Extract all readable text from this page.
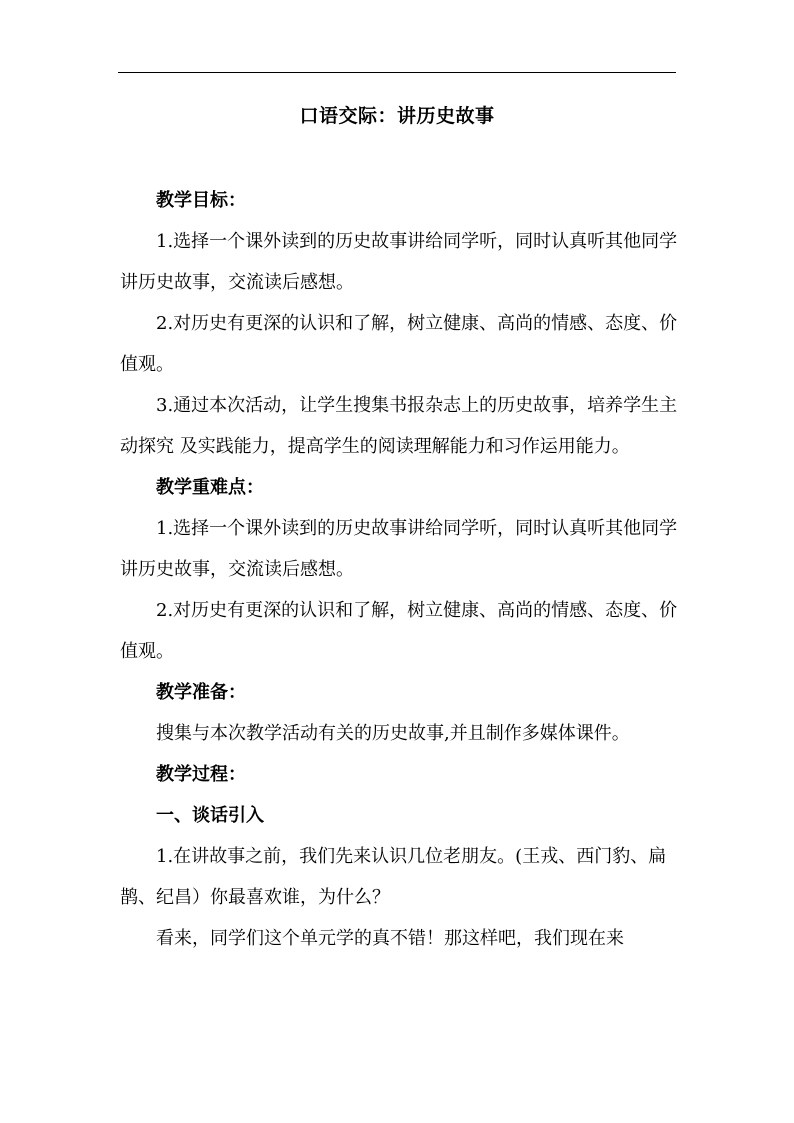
口语交际：讲历史故事

教学目标：

1.选择一个课外读到的历史故事讲给同学听，同时认真听其他同学讲历史故事，交流读后感想。

2.对历史有更深的认识和了解，树立健康、高尚的情感、态度、价值观。

3.通过本次活动，让学生搜集书报杂志上的历史故事，培养学生主动探究 及实践能力，提高学生的阅读理解能力和习作运用能力。

教学重难点：

1.选择一个课外读到的历史故事讲给同学听，同时认真听其他同学讲历史故事，交流读后感想。

2.对历史有更深的认识和了解，树立健康、高尚的情感、态度、价值观。

教学准备：

搜集与本次教学活动有关的历史故事,并且制作多媒体课件。

教学过程：

一、谈话引入

1.在讲故事之前，我们先来认识几位老朋友。(王戎、西门豹、扁鹊、纪昌）你最喜欢谁，为什么？

看来，同学们这个单元学的真不错！那这样吧，我们现在来
